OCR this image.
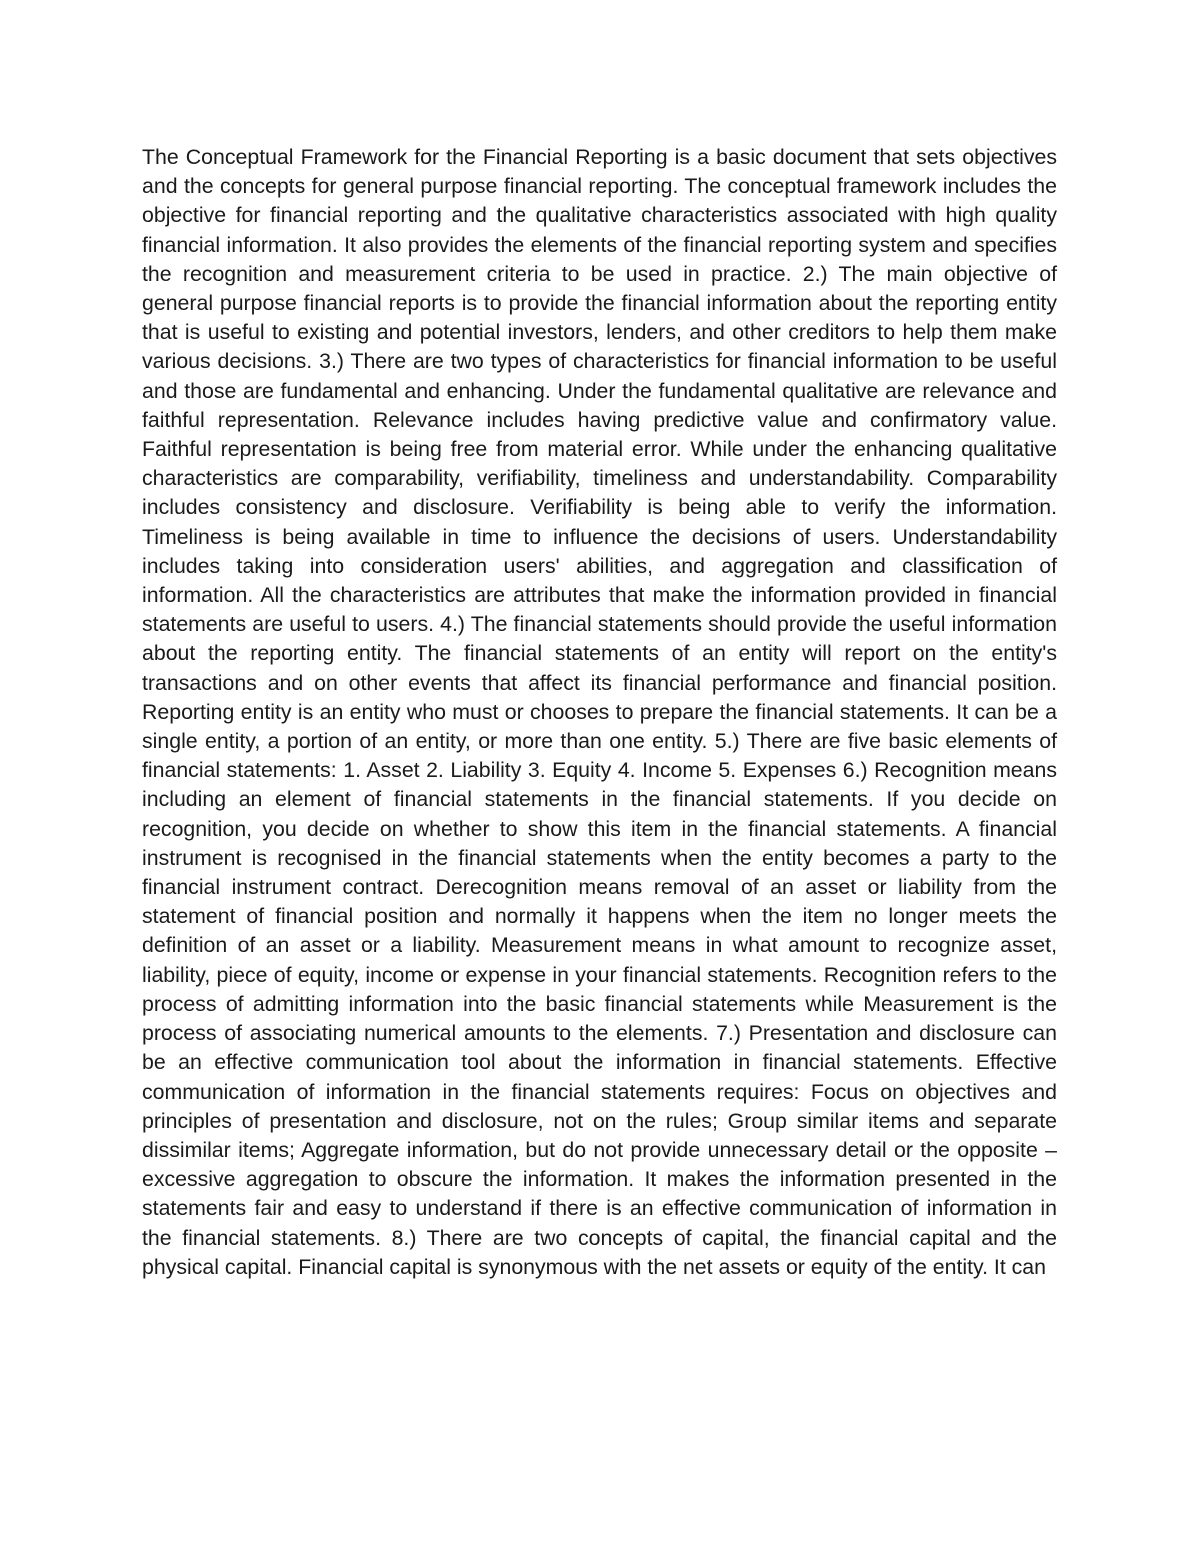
The Conceptual Framework for the Financial Reporting is a basic document that sets objectives and the concepts for general purpose financial reporting. The conceptual framework includes the objective for financial reporting and the qualitative characteristics associated with high quality financial information. It also provides the elements of the financial reporting system and specifies the recognition and measurement criteria to be used in practice. 2.) The main objective of general purpose financial reports is to provide the financial information about the reporting entity that is useful to existing and potential investors, lenders, and other creditors to help them make various decisions. 3.) There are two types of characteristics for financial information to be useful and those are fundamental and enhancing. Under the fundamental qualitative are relevance and faithful representation. Relevance includes having predictive value and confirmatory value. Faithful representation is being free from material error. While under the enhancing qualitative characteristics are comparability, verifiability, timeliness and understandability. Comparability includes consistency and disclosure. Verifiability is being able to verify the information. Timeliness is being available in time to influence the decisions of users. Understandability includes taking into consideration users' abilities, and aggregation and classification of information. All the characteristics are attributes that make the information provided in financial statements are useful to users. 4.) The financial statements should provide the useful information about the reporting entity. The financial statements of an entity will report on the entity's transactions and on other events that affect its financial performance and financial position. Reporting entity is an entity who must or chooses to prepare the financial statements. It can be a single entity, a portion of an entity, or more than one entity. 5.) There are five basic elements of financial statements: 1. Asset 2. Liability 3. Equity 4. Income 5. Expenses 6.) Recognition means including an element of financial statements in the financial statements. If you decide on recognition, you decide on whether to show this item in the financial statements. A financial instrument is recognised in the financial statements when the entity becomes a party to the financial instrument contract. Derecognition means removal of an asset or liability from the statement of financial position and normally it happens when the item no longer meets the definition of an asset or a liability. Measurement means in what amount to recognize asset, liability, piece of equity, income or expense in your financial statements. Recognition refers to the process of admitting information into the basic financial statements while Measurement is the process of associating numerical amounts to the elements. 7.) Presentation and disclosure can be an effective communication tool about the information in financial statements. Effective communication of information in the financial statements requires: Focus on objectives and principles of presentation and disclosure, not on the rules; Group similar items and separate dissimilar items; Aggregate information, but do not provide unnecessary detail or the opposite –excessive aggregation to obscure the information. It makes the information presented in the statements fair and easy to understand if there is an effective communication of information in the financial statements. 8.) There are two concepts of capital, the financial capital and the physical capital. Financial capital is synonymous with the net assets or equity of the entity. It can
